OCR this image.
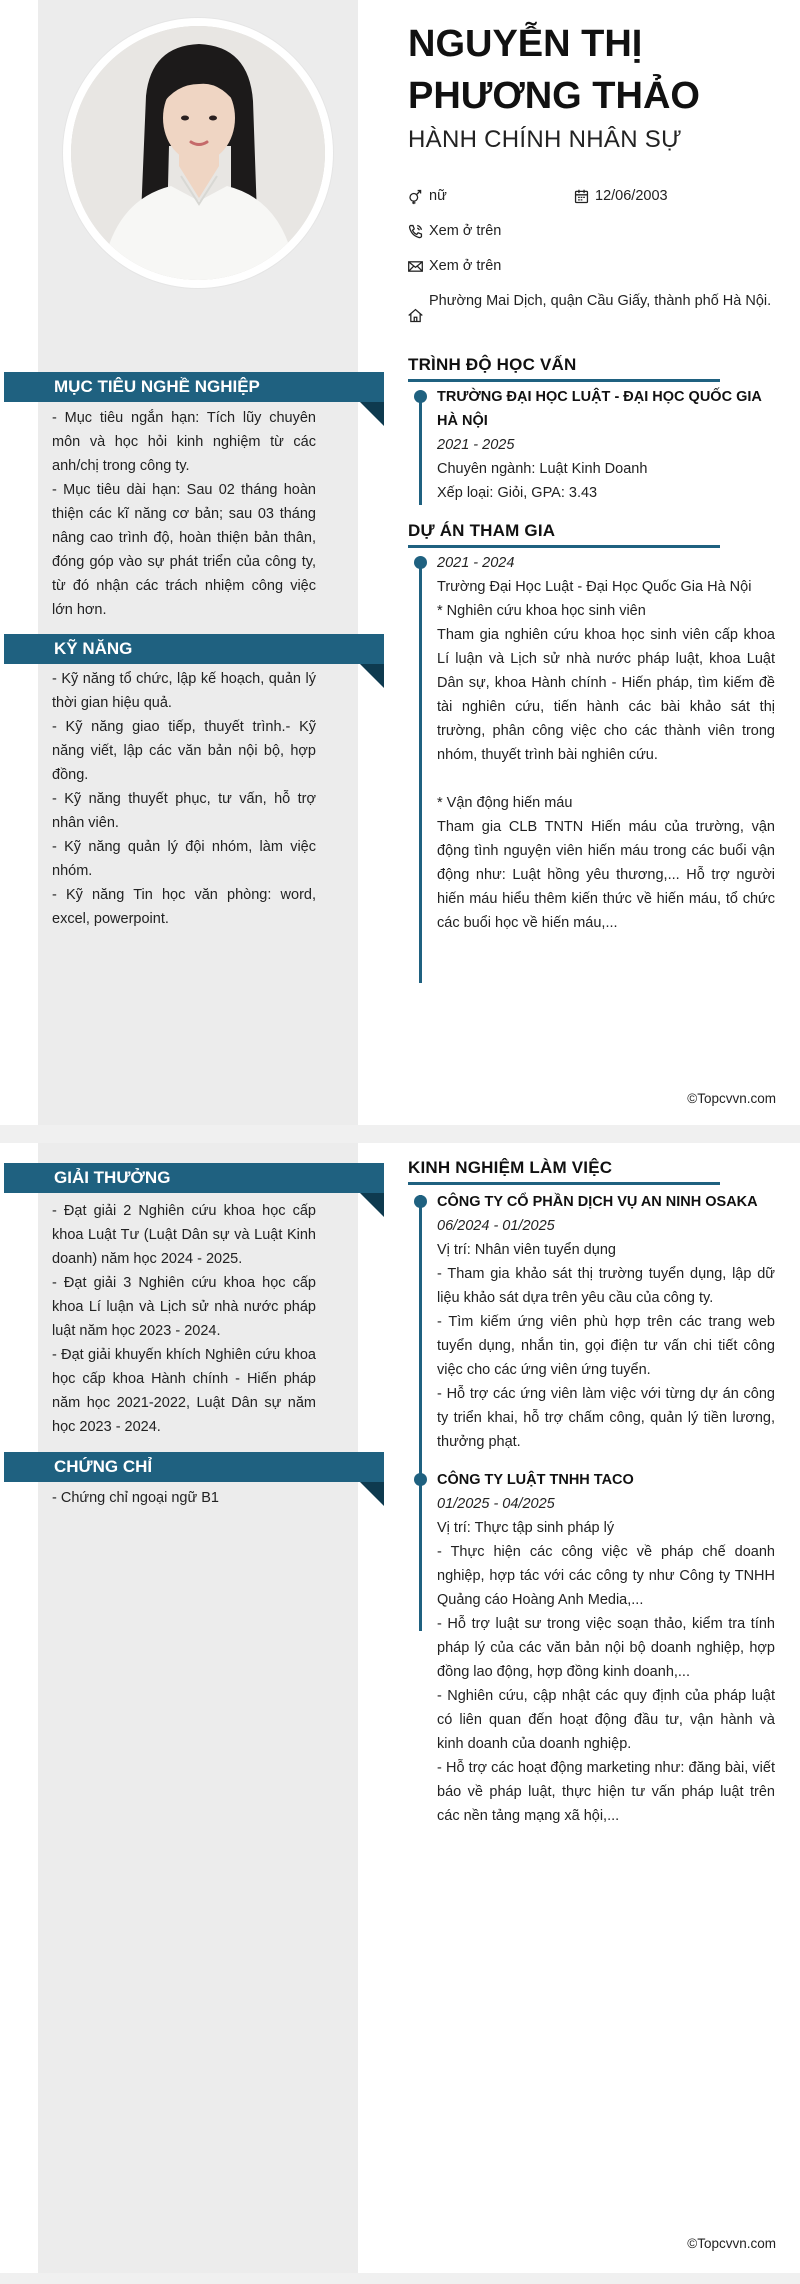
NGUYỄN THỊ
PHƯƠNG THẢO
HÀNH CHÍNH NHÂN SỰ
nữ	12/06/2003
Xem ở trên
Xem ở trên
Phường Mai Dịch, quận Cầu Giấy, thành phố Hà Nội.
MỤC TIÊU NGHỀ NGHIỆP

- Mục tiêu ngắn hạn: Tích lũy chuyên môn và học hỏi kinh nghiệm từ các anh/chị trong công ty.

- Mục tiêu dài hạn: Sau 02 tháng hoàn thiện các kĩ năng cơ bản; sau 03 tháng nâng cao trình độ, hoàn thiện bản thân, đóng góp vào sự phát triển của công ty, từ đó nhận các trách nhiệm công việc lớn hơn.

KỸ NĂNG

- Kỹ năng tổ chức, lập kế hoạch, quản lý thời gian hiệu quả.

- Kỹ năng giao tiếp, thuyết trình.- Kỹ năng viết, lập các văn bản nội bộ, hợp đồng.

- Kỹ năng thuyết phục, tư vấn, hỗ trợ nhân viên.

- Kỹ năng quản lý đội nhóm, làm việc nhóm.

- Kỹ năng Tin học văn phòng: word, excel, powerpoint.

TRÌNH ĐỘ HỌC VẤN

TRƯỜNG ĐẠI HỌC LUẬT - ĐẠI HỌC QUỐC GIA HÀ NỘI

2021 - 2025

Chuyên ngành: Luật Kinh Doanh

Xếp loại: Giỏi, GPA: 3.43

DỰ ÁN THAM GIA

2021 - 2024

Trường Đại Học Luật - Đại Học Quốc Gia Hà Nội

* Nghiên cứu khoa học sinh viên

Tham gia nghiên cứu khoa học sinh viên cấp khoa Lí luận và Lịch sử nhà nước pháp luật, khoa Luật Dân sự, khoa Hành chính - Hiến pháp, tìm kiếm đề tài nghiên cứu, tiến hành các bài khảo sát thị trường, phân công việc cho các thành viên trong nhóm, thuyết trình bài nghiên cứu.

* Vận động hiến máu

Tham gia CLB TNTN Hiến máu của trường, vận động tình nguyện viên hiến máu trong các buổi vận động như: Luật hồng yêu thương,... Hỗ trợ người hiến máu hiểu thêm kiến thức về hiến máu, tổ chức các buổi học về hiến máu,...

©Topcvvn.com
GIẢI THƯỞNG

- Đạt giải 2 Nghiên cứu khoa học cấp khoa Luật Tư (Luật Dân sự và Luật Kinh doanh) năm học 2024 - 2025.

- Đạt giải 3 Nghiên cứu khoa học cấp khoa Lí luận và Lịch sử nhà nước pháp luật năm học 2023 - 2024.

- Đạt giải khuyến khích Nghiên cứu khoa học cấp khoa Hành chính - Hiến pháp năm học 2021-2022, Luật Dân sự năm học 2023 - 2024.

CHỨNG CHỈ

- Chứng chỉ ngoại ngữ B1

KINH NGHIỆM LÀM VIỆC

CÔNG TY CỔ PHẦN DỊCH VỤ AN NINH OSAKA

06/2024 - 01/2025

Vị trí: Nhân viên tuyển dụng

- Tham gia khảo sát thị trường tuyển dụng, lập dữ liệu khảo sát dựa trên yêu cầu của công ty.

- Tìm kiếm ứng viên phù hợp trên các trang web tuyển dụng, nhắn tin, gọi điện tư vấn chi tiết công việc cho các ứng viên ứng tuyển.

- Hỗ trợ các ứng viên làm việc với từng dự án công ty triển khai, hỗ trợ chấm công, quản lý tiền lương, thưởng phạt.

CÔNG TY LUẬT TNHH TACO

01/2025 - 04/2025

Vị trí: Thực tập sinh pháp lý

- Thực hiện các công việc về pháp chế doanh nghiệp, hợp tác với các công ty như Công ty TNHH Quảng cáo Hoàng Anh Media,...

- Hỗ trợ luật sư trong việc soạn thảo, kiểm tra tính pháp lý của các văn bản nội bộ doanh nghiệp, hợp đồng lao động, hợp đồng kinh doanh,...

- Nghiên cứu, cập nhật các quy định của pháp luật có liên quan đến hoạt động đầu tư, vận hành và kinh doanh của doanh nghiệp.

- Hỗ trợ các hoạt động marketing như: đăng bài, viết báo về pháp luật, thực hiện tư vấn pháp luật trên các nền tảng mạng xã hội,...

©Topcvvn.com
